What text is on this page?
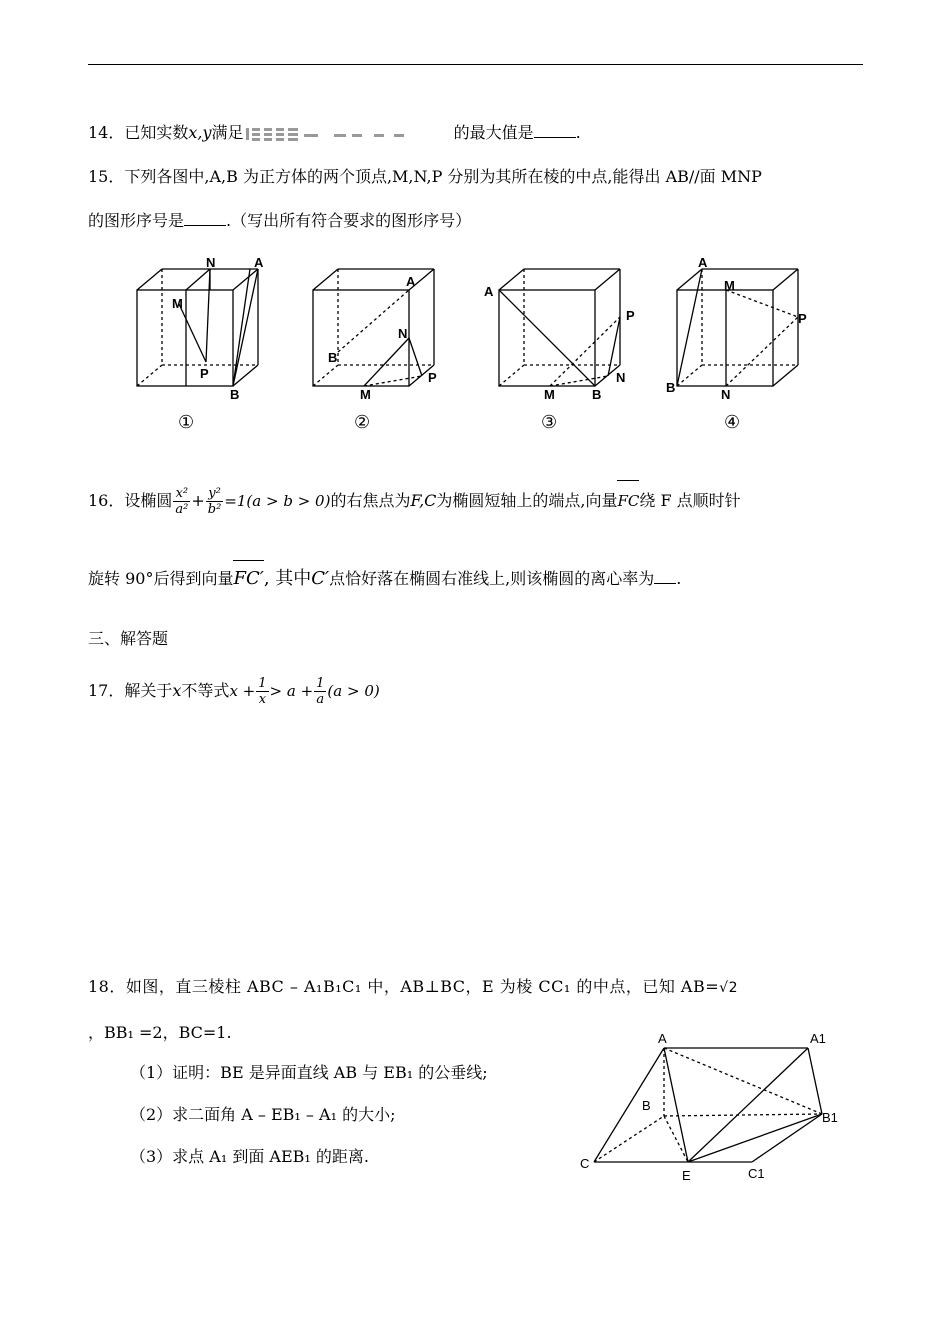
14．已知实数x,y满足	的最大值是	.
15．下列各图中,A,B 为正方体的两个顶点,M,N,P 分别为其所在棱的中点,能得出 AB//面 MNP
的图形序号是	.（写出所有符合要求的图形序号）
N	A
M
P
B
A
N
B
M
P
A
P
M	B
N
A
M
P
B	N
①	②	③	④
16．设椭圆 $\frac{\text{x²}}{\text{a²}} + \frac{\text{y²}}{\text{b²}} =1(a > b > 0)$的右焦点为F,C为椭圆短轴上的端点,向量FC绕 F 点顺时针
旋转 90°后得到向量FC′, 其中C′点恰好落在椭圆右准线上,则该椭圆的离心率为 .
三、解答题
17．解关于x不等式$x + \frac{1}{x} > a + \frac{1}{a} (a > 0)$
18．如图，直三棱柱 ABC – A₁B₁C₁ 中，AB⊥BC，E 为棱 CC₁ 的中点，已知 AB=√2
，BB₁ =2，BC=1.
（1）证明：BE 是异面直线 AB 与 EB₁ 的公垂线;
（2）求二面角 A – EB₁ – A₁ 的大小;
（3）求点 A₁ 到面 AEB₁ 的距离.
A	A1
B
B1
C
E	C1
